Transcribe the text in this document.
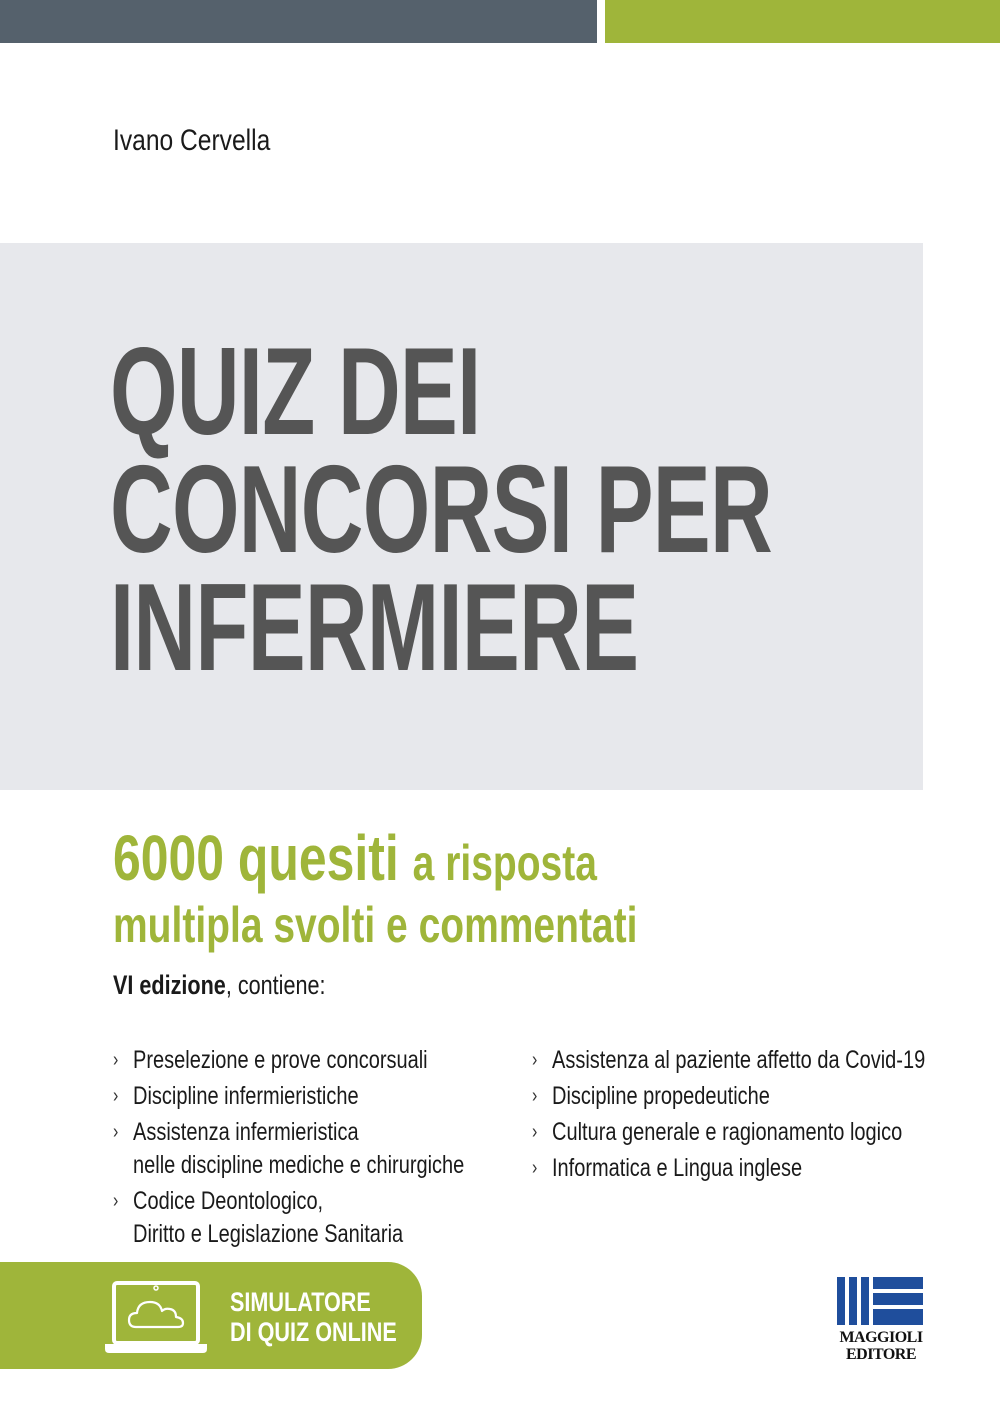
Ivano Cervella
QUIZ DEI
CONCORSI PER
INFERMIERE
6000 quesiti a risposta
multipla svolti e commentati
VI edizione, contiene:
› Preselezione e prove concorsuali
› Discipline infermieristiche
› Assistenza infermieristica
nelle discipline mediche e chirurgiche
› Codice Deontologico,
Diritto e Legislazione Sanitaria
› Assistenza al paziente affetto da Covid-19
› Discipline propedeutiche
› Cultura generale e ragionamento logico
› Informatica e Lingua inglese
SIMULATORE
DI QUIZ ONLINE	MAGGIOLI
EDITORE
